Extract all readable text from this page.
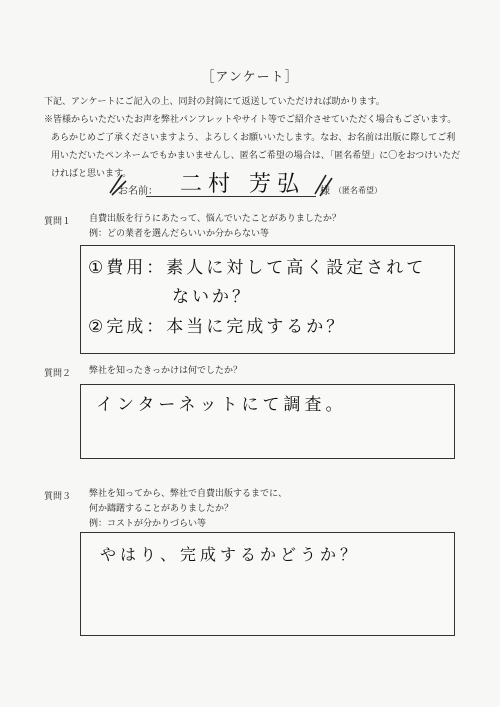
［アンケート］
下記、アンケートにご記入の上、同封の封筒にて返送していただければ助かります。
※皆様からいただいたお声を弊社パンフレットやサイト等でご紹介させていただく場合もございます。
あらかじめご了承くださいますよう、よろしくお願いいたします。なお、お名前は出版に際してご利
用いただいたペンネームでもかまいませんし、匿名ご希望の場合は、「匿名希望」に〇をおつけいただ
ければと思います。
お名前： 二村 芳弘 様 （匿名希望）
質問１ 自費出版を行うにあたって、悩んでいたことがありましたか？
例：どの業者を選んだらいいか分からない等
①費用：素人に対して高く設定されて
ないか？
②完成：本当に完成するか？
質問２ 弊社を知ったきっかけは何でしたか？
インターネットにて調査。
質問３ 弊社を知ってから、弊社で自費出版するまでに、
何か躊躇することがありましたか？
例：コストが分かりづらい等
やはり、完成するかどうか？
